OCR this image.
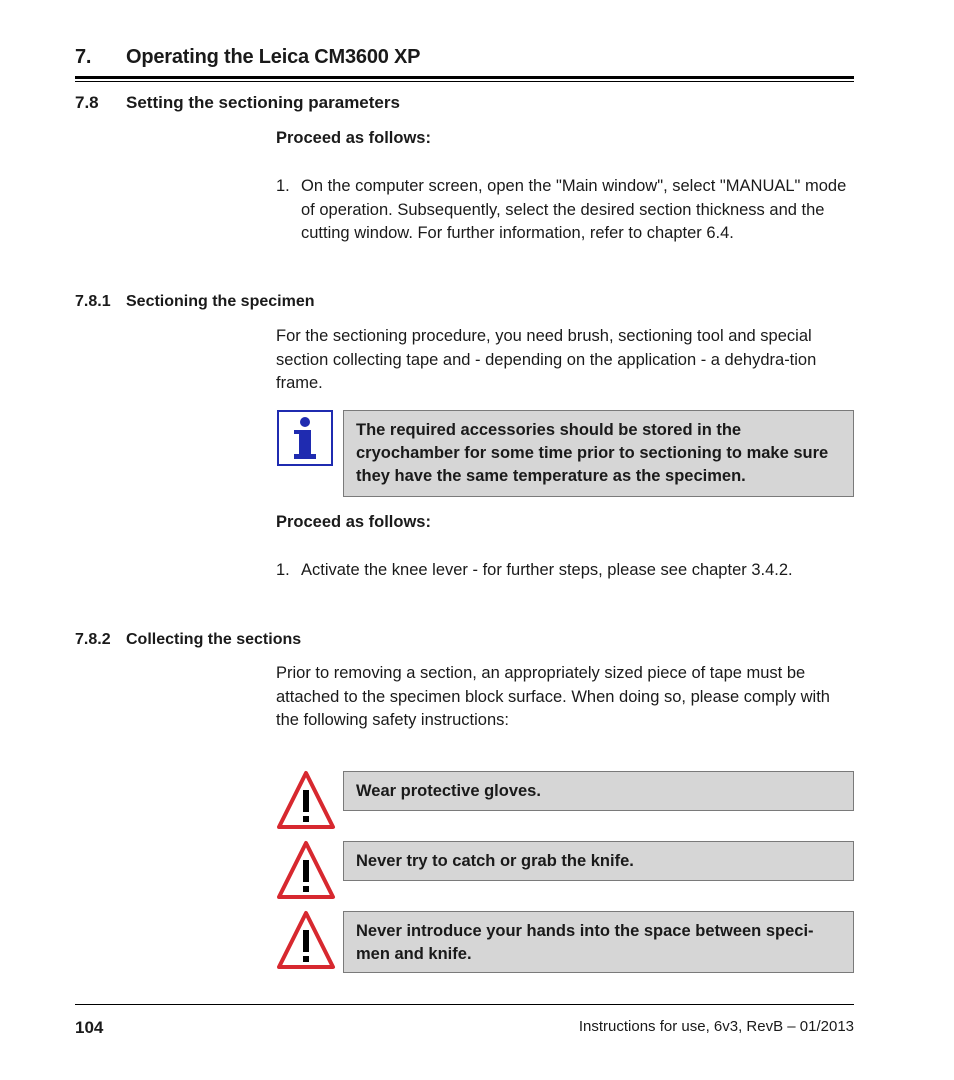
7. Operating the Leica CM3600 XP
7.8 Setting the sectioning parameters
Proceed as follows:
1. On the computer screen, open the "Main window", select "MANUAL" mode of operation. Subsequently, select the desired section thickness and the cutting window. For further information, refer to chapter 6.4.
7.8.1 Sectioning the specimen
For the sectioning procedure, you need brush, sectioning tool and special section collecting tape and - depending on the application - a dehydra-tion frame.
The required accessories should be stored in the cryochamber for some time prior to sectioning to make sure they have the same temperature as the specimen.
Proceed as follows:
1. Activate the knee lever - for further steps, please see chapter 3.4.2.
7.8.2 Collecting the sections
Prior to removing a section, an appropriately sized piece of tape must be attached to the specimen block surface. When doing so, please comply with the following safety instructions:
Wear protective gloves.
Never try to catch or grab the knife.
Never introduce your hands into the space between speci-men and knife.
104	Instructions for use, 6v3, RevB – 01/2013
